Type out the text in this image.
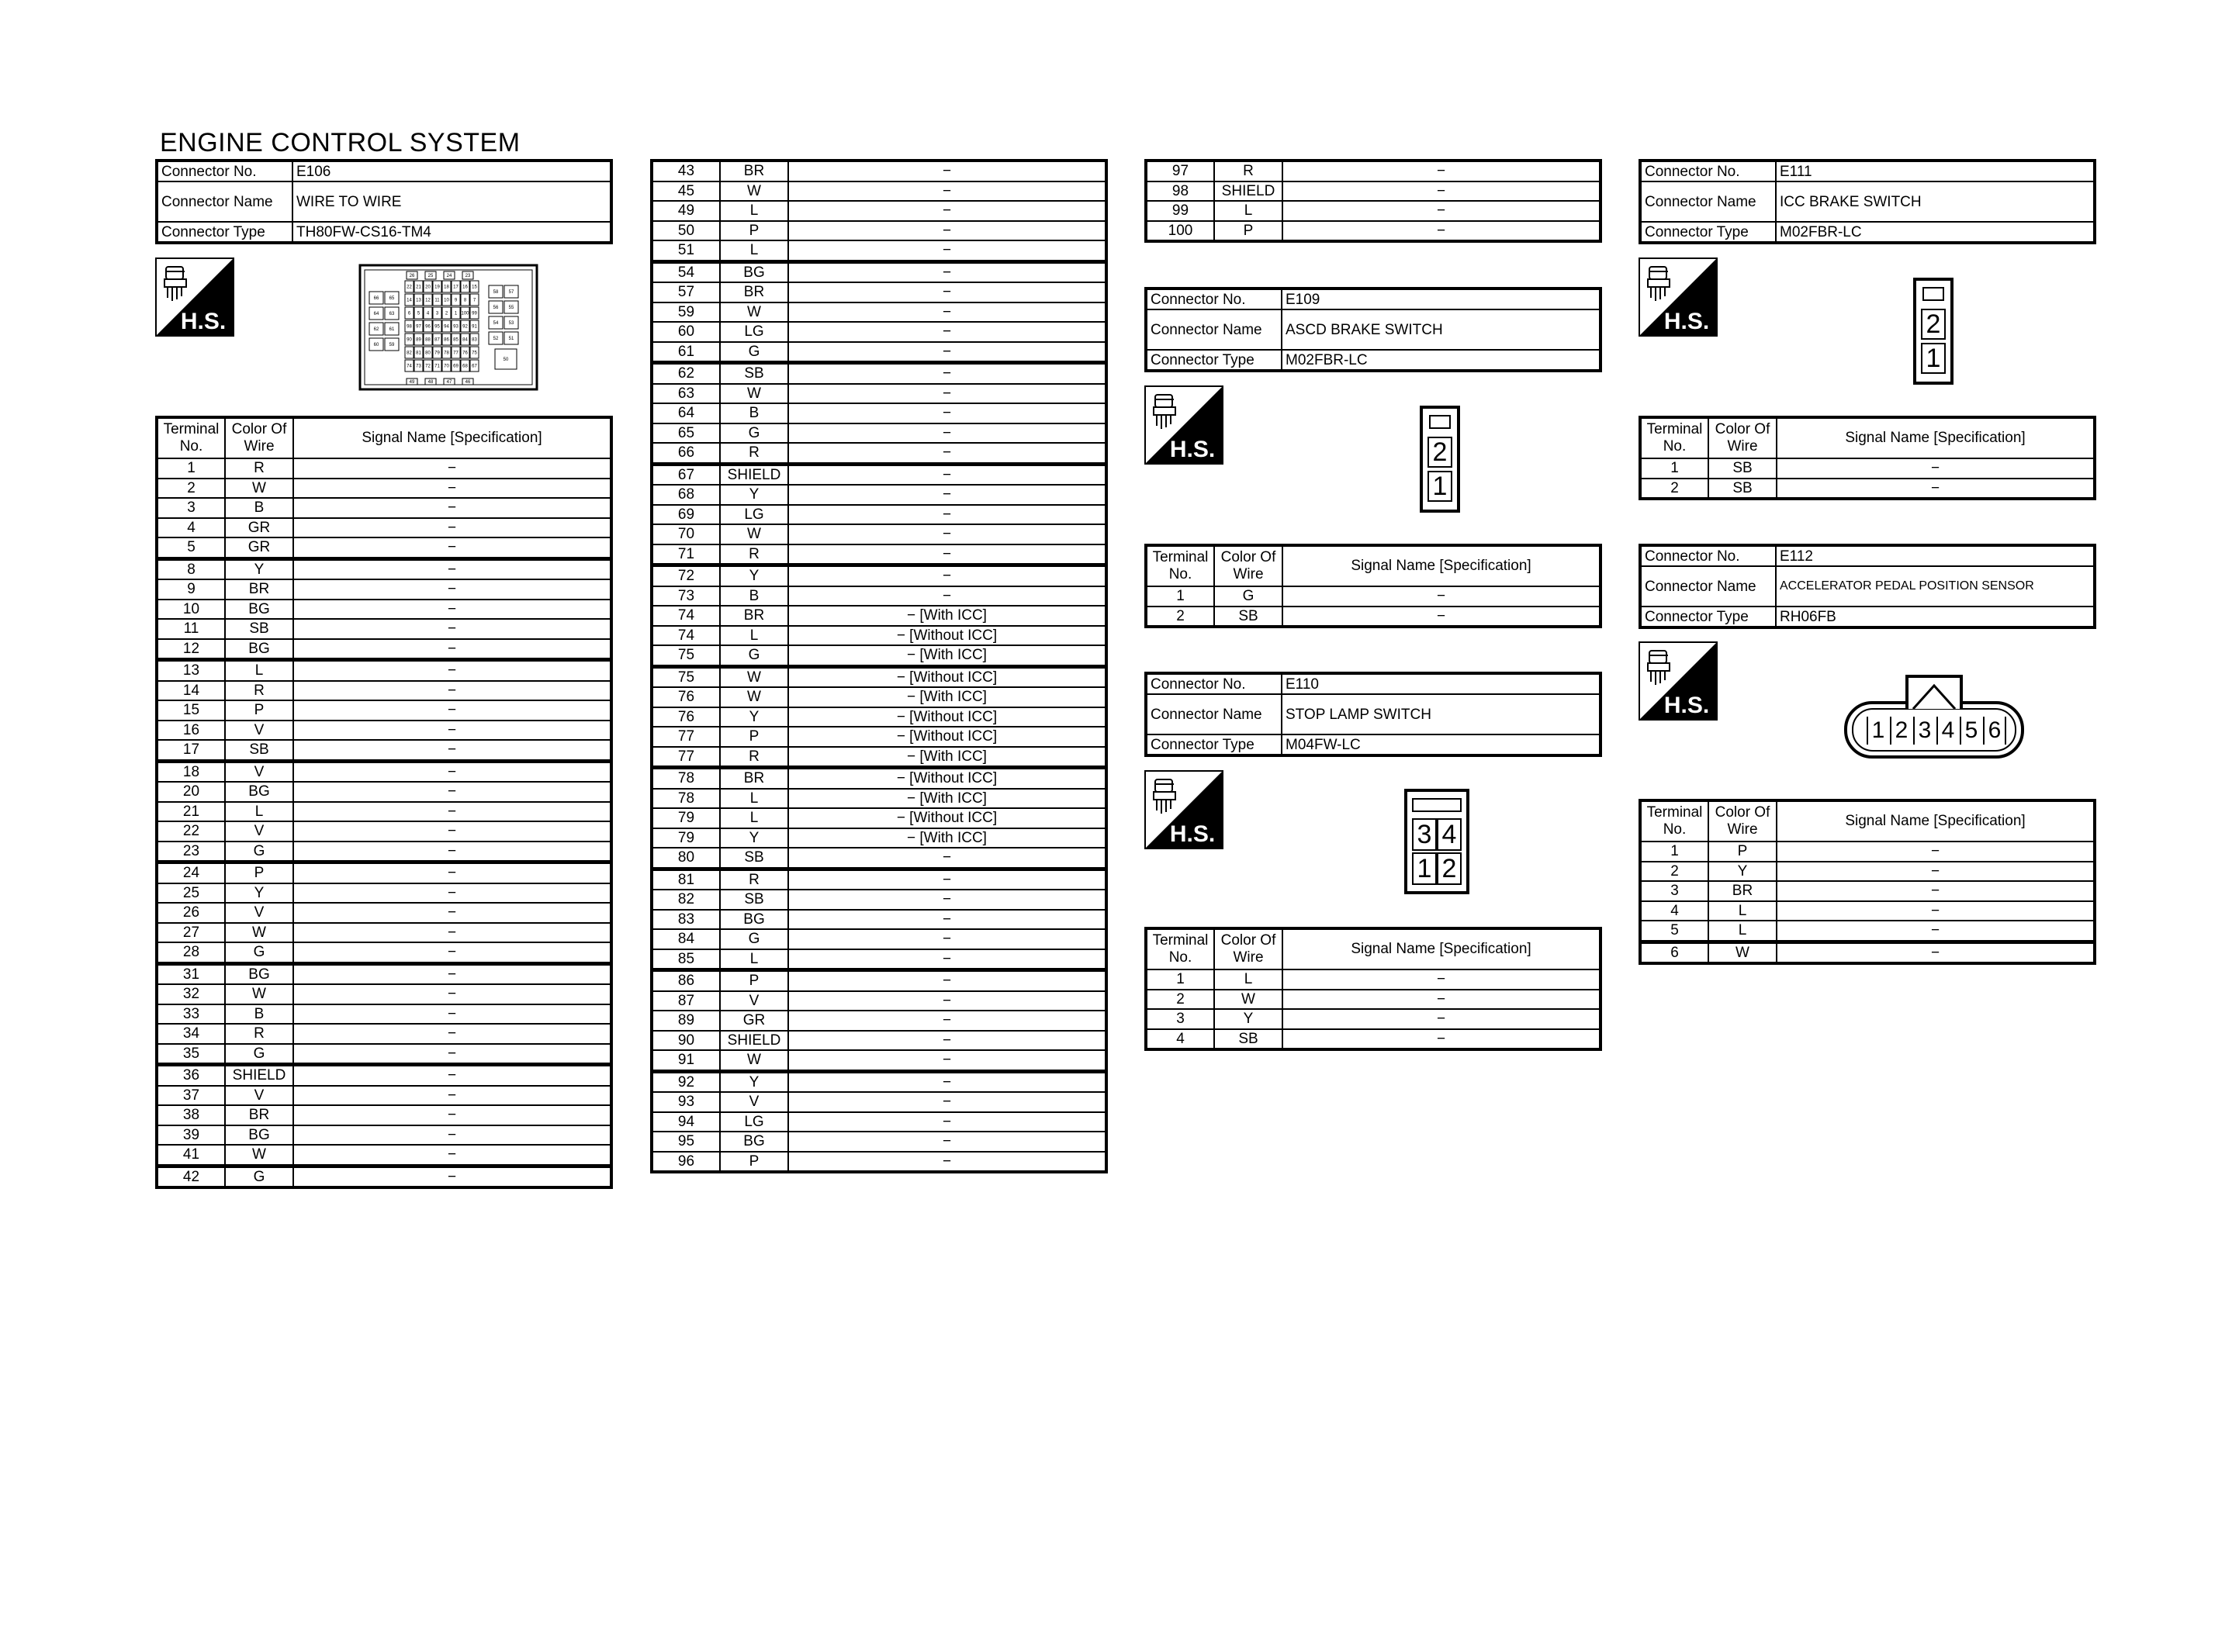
ENGINE CONTROL SYSTEM
Connector No.	E106
Connector Name	WIRE TO WIRE
Connector Type	TH80FW-CS16-TM4
H.S.
26	25	24	23
22 21 20 19 18 17 16 15
14 13 12 11 10 9 8 7
6 5 4 3 2 1 100 99
98 97 96 95 94 93 92 91
90 89 88 87 86 85 84 83
82 81 80 79 78 77 76 75
74 73 72 71 70 69 68 67
66 65
64 63
62 61
60 59
58 57
56 55
54 53
52 51
50
49	48	47	46
Terminal No.	Color Of Wire	Signal Name [Specification]
1	R	−
2	W	−
3	B	−
4	GR	−
5	GR	−
8	Y	−
9	BR	−
10	BG	−
11	SB	−
12	BG	−
13	L	−
14	R	−
15	P	−
16	V	−
17	SB	−
18	V	−
20	BG	−
21	L	−
22	V	−
23	G	−
24	P	−
25	Y	−
26	V	−
27	W	−
28	G	−
31	BG	−
32	W	−
33	B	−
34	R	−
35	G	−
36	SHIELD	−
37	V	−
38	BR	−
39	BG	−
41	W	−
42	G	−
43	BR	−
45	W	−
49	L	−
50	P	−
51	L	−
54	BG	−
57	BR	−
59	W	−
60	LG	−
61	G	−
62	SB	−
63	W	−
64	B	−
65	G	−
66	R	−
67	SHIELD	−
68	Y	−
69	LG	−
70	W	−
71	R	−
72	Y	−
73	B	−
74	BR	− [With ICC]
74	L	− [Without ICC]
75	G	− [With ICC]
75	W	− [Without ICC]
76	W	− [With ICC]
76	Y	− [Without ICC]
77	P	− [Without ICC]
77	R	− [With ICC]
78	BR	− [Without ICC]
78	L	− [With ICC]
79	L	− [Without ICC]
79	Y	− [With ICC]
80	SB	−
81	R	−
82	SB	−
83	BG	−
84	G	−
85	L	−
86	P	−
87	V	−
89	GR	−
90	SHIELD	−
91	W	−
92	Y	−
93	V	−
94	LG	−
95	BG	−
96	P	−
97	R	−
98	SHIELD	−
99	L	−
100	P	−
Connector No.	E109
Connector Name	ASCD BRAKE SWITCH
Connector Type	M02FBR-LC
H.S.	2
1
Terminal No.	Color Of Wire	Signal Name [Specification]
1	G	−
2	SB	−
Connector No.	E110
Connector Name	STOP LAMP SWITCH
Connector Type	M04FW-LC
H.S.	3 4
1 2
Terminal No.	Color Of Wire	Signal Name [Specification]
1	L	−
2	W	−
3	Y	−
4	SB	−
Connector No.	E111
Connector Name	ICC BRAKE SWITCH
Connector Type	M02FBR-LC
H.S.	2
1
Terminal No.	Color Of Wire	Signal Name [Specification]
1	SB	−
2	SB	−
Connector No.	E112
Connector Name	ACCELERATOR PEDAL POSITION SENSOR
Connector Type	RH06FB
H.S.
1 2 3 4 5 6
Terminal No.	Color Of Wire	Signal Name [Specification]
1	P	−
2	Y	−
3	BR	−
4	L	−
5	L	−
6	W	−
